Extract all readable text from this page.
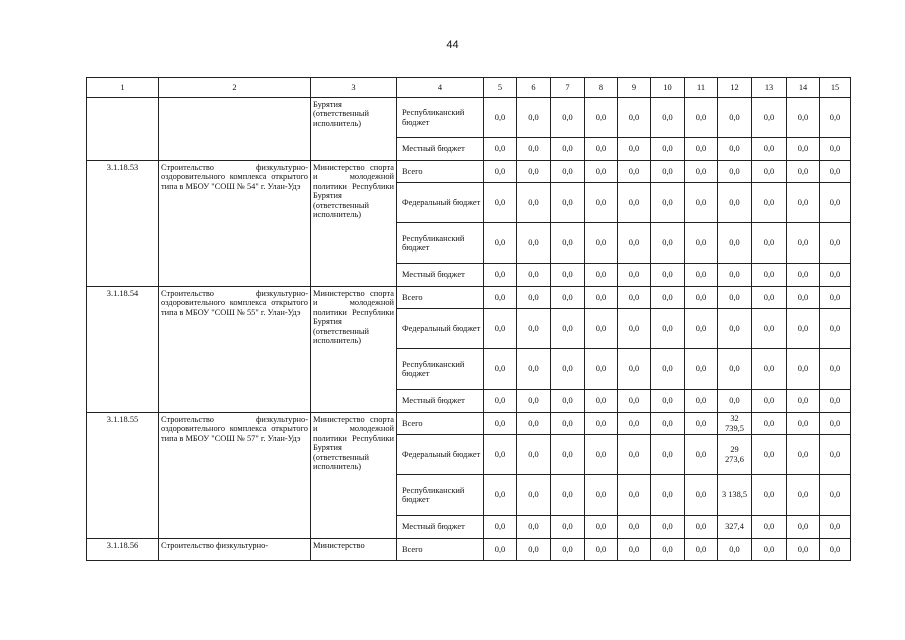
44
1	2	3	4	5	6	7	8	9	10	11	12	13	14	15
		Бурятия (ответственный исполнитель)	Республиканский бюджет	0,0	0,0	0,0	0,0	0,0	0,0	0,0	0,0	0,0	0,0	0,0
			Местный бюджет	0,0	0,0	0,0	0,0	0,0	0,0	0,0	0,0	0,0	0,0	0,0
3.1.18.53	Строительство физкультурно-оздоровительного комплекса открытого типа в МБОУ "СОШ № 54" г. Улан-Удэ	Министерство спорта и молодежной политики Республики Бурятия (ответственный исполнитель)	Всего	0,0	0,0	0,0	0,0	0,0	0,0	0,0	0,0	0,0	0,0	0,0
			Федеральный бюджет	0,0	0,0	0,0	0,0	0,0	0,0	0,0	0,0	0,0	0,0	0,0
			Республиканский бюджет	0,0	0,0	0,0	0,0	0,0	0,0	0,0	0,0	0,0	0,0	0,0
			Местный бюджет	0,0	0,0	0,0	0,0	0,0	0,0	0,0	0,0	0,0	0,0	0,0
3.1.18.54	Строительство физкультурно-оздоровительного комплекса открытого типа в МБОУ "СОШ № 55" г. Улан-Удэ	Министерство спорта и молодежной политики Республики Бурятия (ответственный исполнитель)	Всего	0,0	0,0	0,0	0,0	0,0	0,0	0,0	0,0	0,0	0,0	0,0
			Федеральный бюджет	0,0	0,0	0,0	0,0	0,0	0,0	0,0	0,0	0,0	0,0	0,0
			Республиканский бюджет	0,0	0,0	0,0	0,0	0,0	0,0	0,0	0,0	0,0	0,0	0,0
			Местный бюджет	0,0	0,0	0,0	0,0	0,0	0,0	0,0	0,0	0,0	0,0	0,0
3.1.18.55	Строительство физкультурно-оздоровительного комплекса открытого типа в МБОУ "СОШ № 57" г. Улан-Удэ	Министерство спорта и молодежной политики Республики Бурятия (ответственный исполнитель)	Всего	0,0	0,0	0,0	0,0	0,0	0,0	0,0	32 739,5	0,0	0,0	0,0
			Федеральный бюджет	0,0	0,0	0,0	0,0	0,0	0,0	0,0	29 273,6	0,0	0,0	0,0
			Республиканский бюджет	0,0	0,0	0,0	0,0	0,0	0,0	0,0	3 138,5	0,0	0,0	0,0
			Местный бюджет	0,0	0,0	0,0	0,0	0,0	0,0	0,0	327,4	0,0	0,0	0,0
3.1.18.56	Строительство физкультурно-	Министерство	Всего	0,0	0,0	0,0	0,0	0,0	0,0	0,0	0,0	0,0	0,0	0,0
